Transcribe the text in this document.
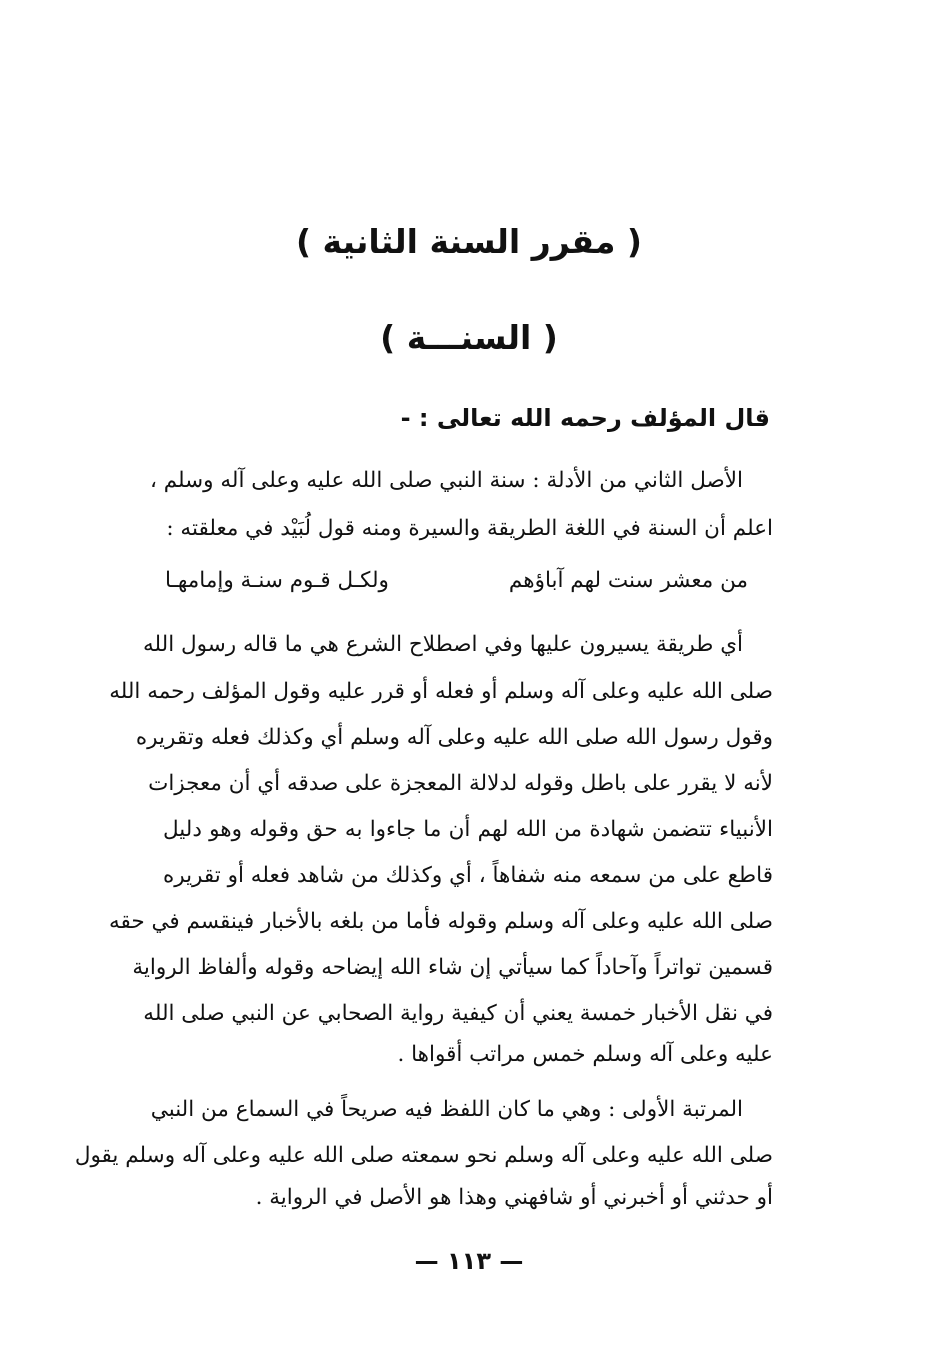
( مقرر السنة الثانية )
( السنـــة )
قال المؤلف رحمه الله تعالى : -
الأصل الثاني من الأدلة : سنة النبي صلى الله عليه وعلى آله وسلم ،
اعلم أن السنة في اللغة الطريقة والسيرة ومنه قول لُبَيْد في معلقته :
من معشر سنت لهم آباؤهم
ولكـل قـوم سنـة وإمامهـا
أي طريقة يسيرون عليها وفي اصطلاح الشرع هي ما قاله رسول الله
صلى الله عليه وعلى آله وسلم أو فعله أو قرر عليه وقول المؤلف رحمه الله
وقول رسول الله صلى الله عليه وعلى آله وسلم أي وكذلك فعله وتقريره
لأنه لا يقرر على باطل وقوله لدلالة المعجزة على صدقه أي أن معجزات
الأنبياء تتضمن شهادة من الله لهم أن ما جاءوا به حق وقوله وهو دليل
قاطع على من سمعه منه شفاهاً ، أي وكذلك من شاهد فعله أو تقريره
صلى الله عليه وعلى آله وسلم وقوله فأما من بلغه بالأخبار فينقسم في حقه
قسمين تواتراً وآحاداً كما سيأتي إن شاء الله إيضاحه وقوله وألفاظ الرواية
في نقل الأخبار خمسة يعني أن كيفية رواية الصحابي عن النبي صلى الله
عليه وعلى آله وسلم خمس مراتب أقواها .
المرتبة الأولى : وهي ما كان اللفظ فيه صريحاً في السماع من النبي
صلى الله عليه وعلى آله وسلم نحو سمعته صلى الله عليه وعلى آله وسلم يقول
أو حدثني أو أخبرني أو شافهني وهذا هو الأصل في الرواية .
— ١١٣ —
